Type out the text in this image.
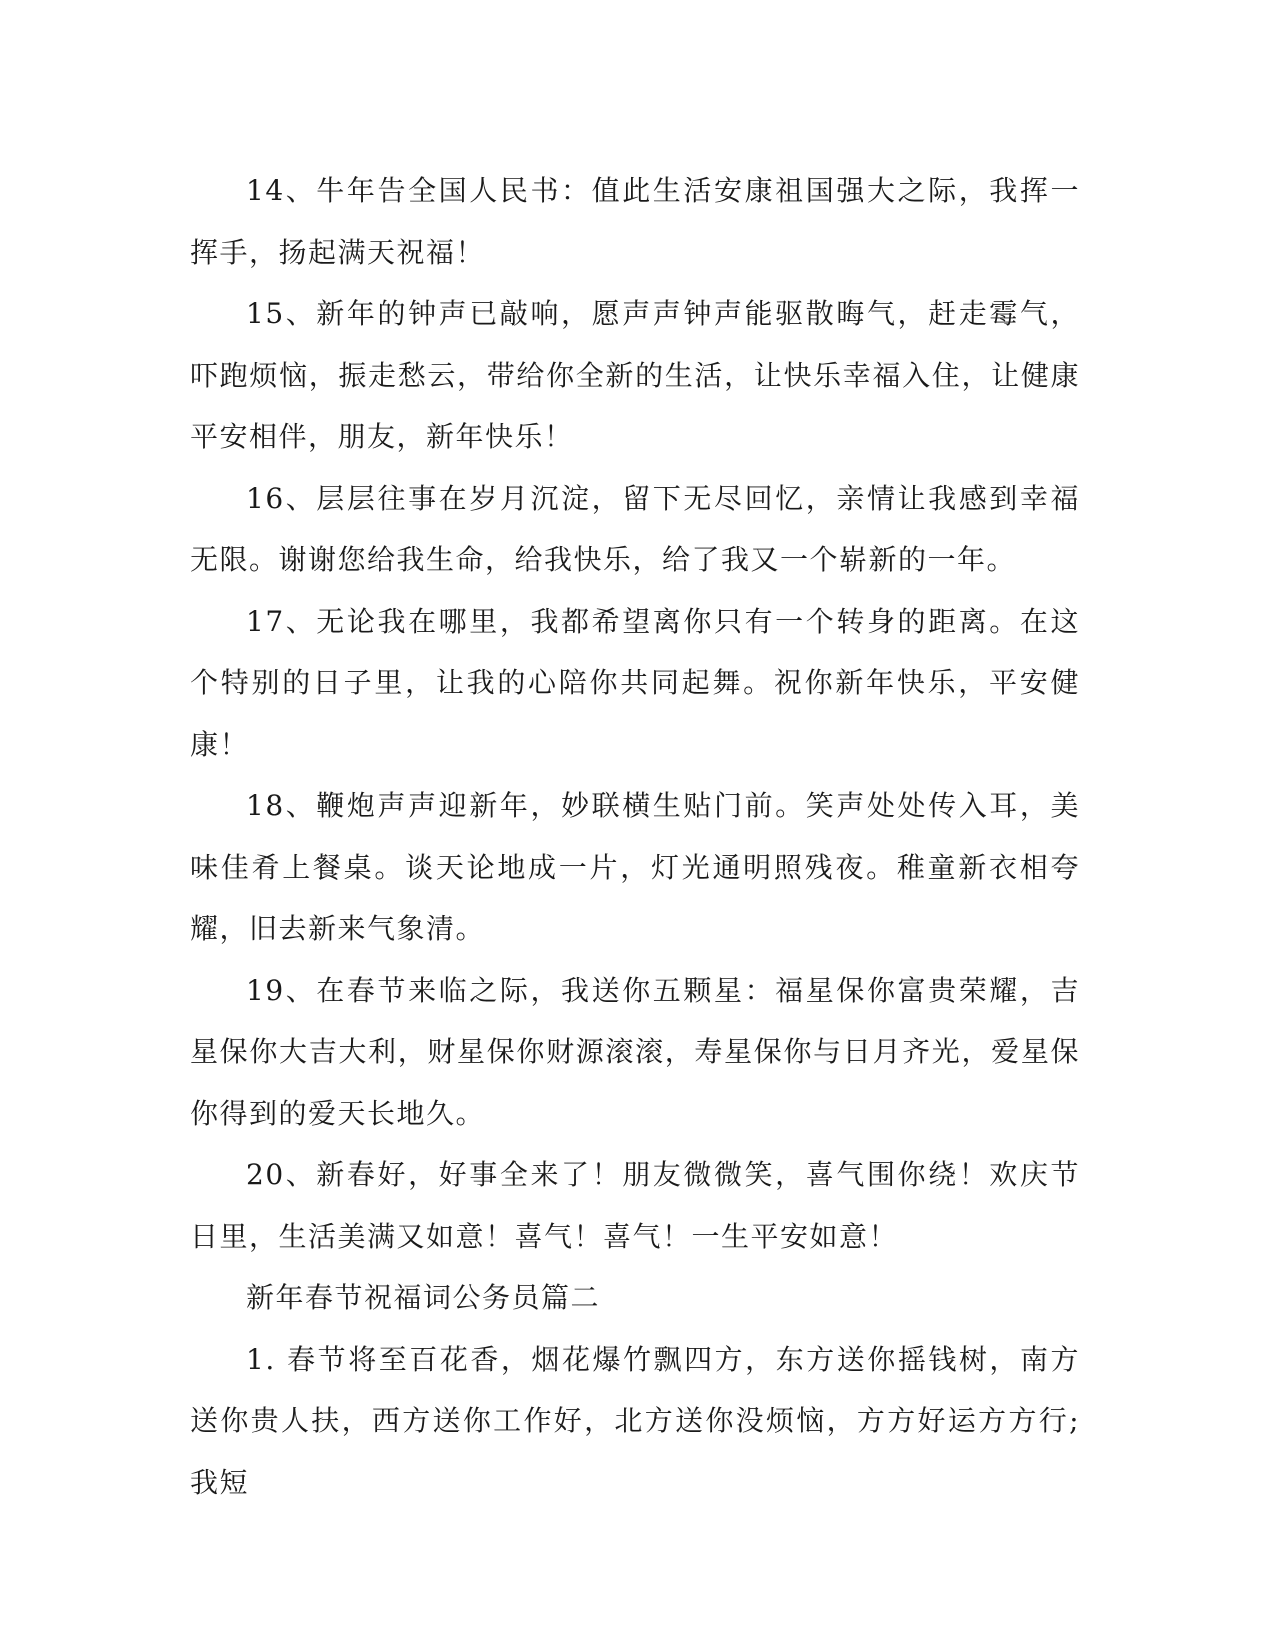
14、牛年告全国人民书：值此生活安康祖国强大之际，我挥一挥手，扬起满天祝福！

15、新年的钟声已敲响，愿声声钟声能驱散晦气，赶走霉气，吓跑烦恼，振走愁云，带给你全新的生活，让快乐幸福入住，让健康平安相伴，朋友，新年快乐！

16、层层往事在岁月沉淀，留下无尽回忆，亲情让我感到幸福无限。谢谢您给我生命，给我快乐，给了我又一个崭新的一年。

17、无论我在哪里，我都希望离你只有一个转身的距离。在这个特别的日子里，让我的心陪你共同起舞。祝你新年快乐，平安健康！

18、鞭炮声声迎新年，妙联横生贴门前。笑声处处传入耳，美味佳肴上餐桌。谈天论地成一片，灯光通明照残夜。稚童新衣相夸耀，旧去新来气象清。

19、在春节来临之际，我送你五颗星：福星保你富贵荣耀，吉星保你大吉大利，财星保你财源滚滚，寿星保你与日月齐光，爱星保你得到的爱天长地久。

20、新春好，好事全来了！朋友微微笑，喜气围你绕！欢庆节日里，生活美满又如意！喜气！喜气！一生平安如意！

新年春节祝福词公务员篇二

1. 春节将至百花香，烟花爆竹飘四方，东方送你摇钱树，南方送你贵人扶，西方送你工作好，北方送你没烦恼，方方好运方方行;我短
